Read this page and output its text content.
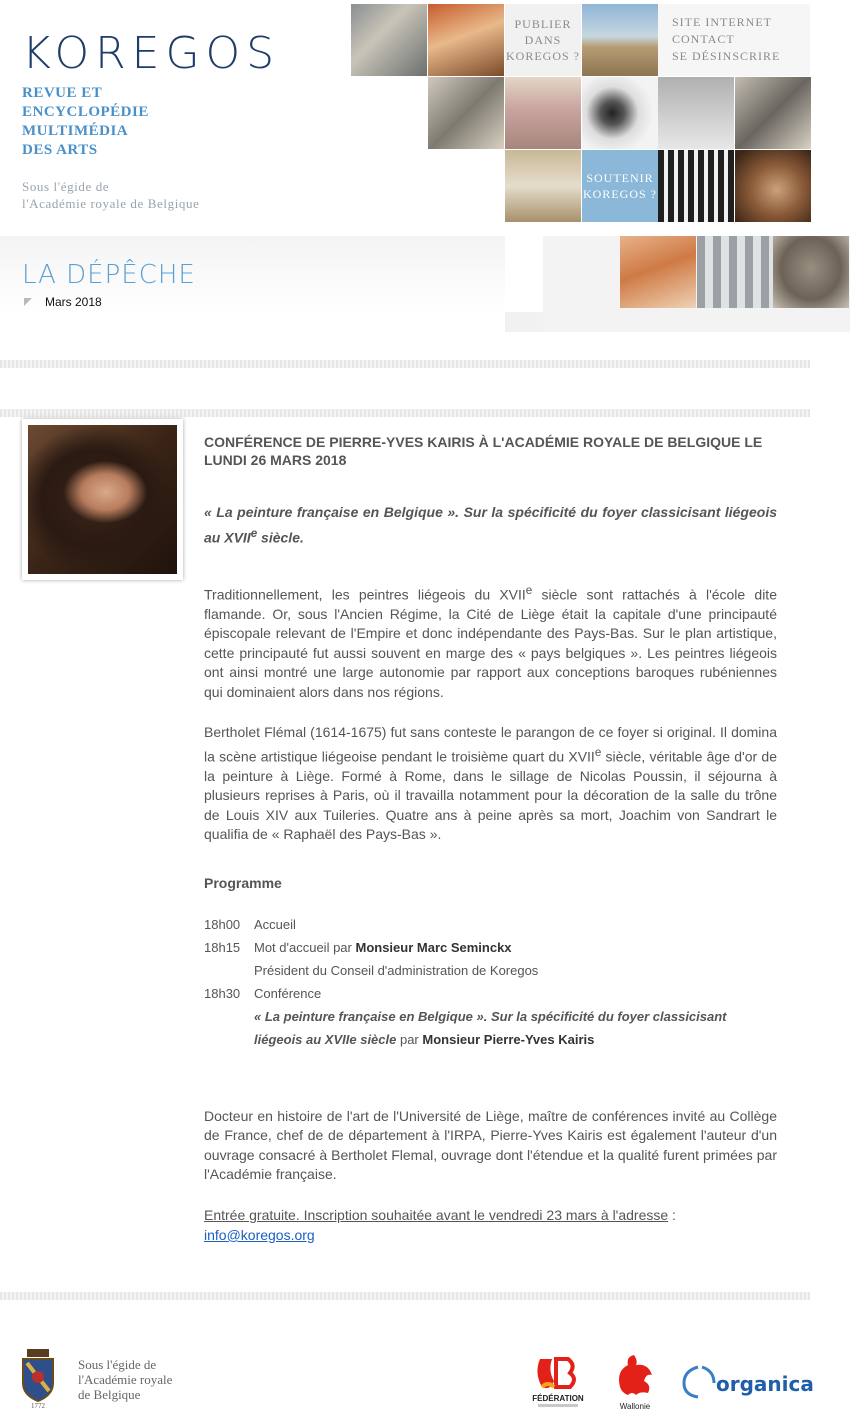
KOREGOS
REVUE ET
ENCYCLOPÉDIE
MULTIMÉDIA
DES ARTS
Sous l'égide de
l'Académie royale de Belgique
PUBLIER DANS KOREGOS ?
SITE INTERNET
CONTACT
SE DÉSINSCRIRE
SOUTENIR KOREGOS ?
LA DÉPÊCHE
Mars 2018
CONFÉRENCE DE PIERRE-YVES KAIRIS À L'ACADÉMIE ROYALE DE BELGIQUE LE LUNDI 26 MARS 2018
« La peinture française en Belgique ». Sur la spécificité du foyer classicisant liégeois au XVIIe siècle.

Traditionnellement, les peintres liégeois du XVIIe siècle sont rattachés à l'école dite flamande. Or, sous l'Ancien Régime, la Cité de Liège était la capitale d'une principauté épiscopale relevant de l'Empire et donc indépendante des Pays-Bas. Sur le plan artistique, cette principauté fut aussi souvent en marge des « pays belgiques ». Les peintres liégeois ont ainsi montré une large autonomie par rapport aux conceptions baroques rubéniennes qui dominaient alors dans nos régions.

Bertholet Flémal (1614-1675) fut sans conteste le parangon de ce foyer si original. Il domina la scène artistique liégeoise pendant le troisième quart du XVIIe siècle, véritable âge d'or de la peinture à Liège. Formé à Rome, dans le sillage de Nicolas Poussin, il séjourna à plusieurs reprises à Paris, où il travailla notamment pour la décoration de la salle du trône de Louis XIV aux Tuileries. Quatre ans à peine après sa mort, Joachim von Sandrart le qualifia de « Raphaël des Pays-Bas ».

Programme
18h00	Accueil
18h15	Mot d'accueil par Monsieur Marc Seminckx
Président du Conseil d'administration de Koregos
18h30	Conférence
« La peinture française en Belgique ». Sur la spécificité du foyer classicisant liégeois au XVIIe siècle par Monsieur Pierre-Yves Kairis

Docteur en histoire de l'art de l'Université de Liège, maître de conférences invité au Collège de France, chef de de département à l'IRPA, Pierre-Yves Kairis est également l'auteur d'un ouvrage consacré à Bertholet Flemal, ouvrage dont l'étendue et la qualité furent primées par l'Académie française.

Entrée gratuite. Inscription souhaitée avant le vendredi 23 mars à l'adresse :
info@koregos.org

1772
Sous l'égide de
l'Académie royale
de Belgique	FÉDÉRATION
Wallonie
organica
